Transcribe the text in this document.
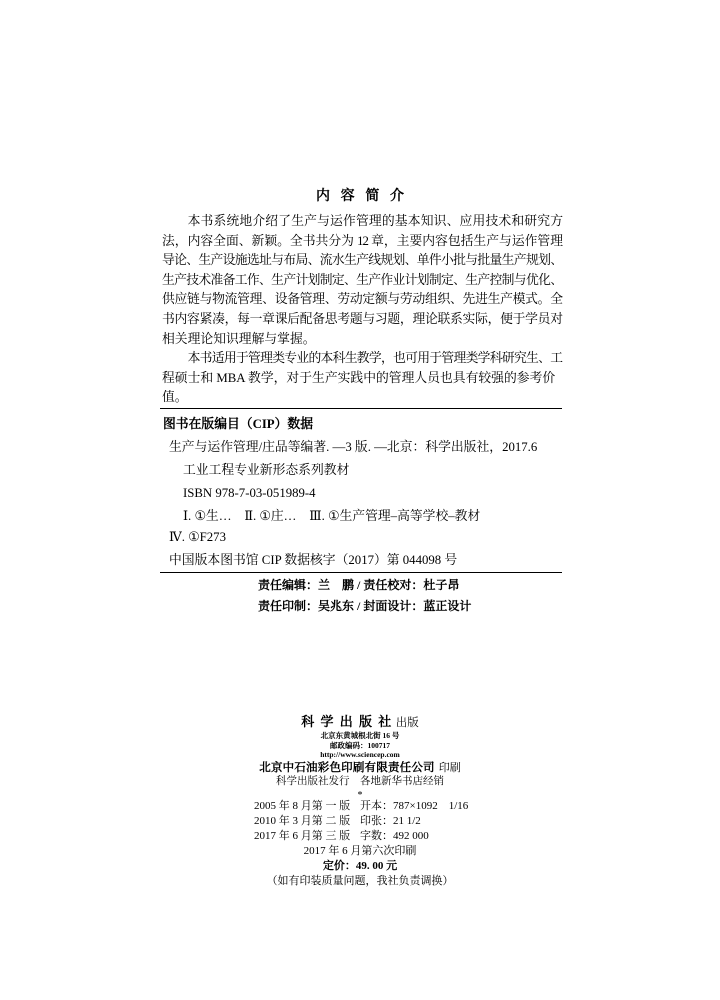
内 容 简 介
本书系统地介绍了生产与运作管理的基本知识、应用技术和研究方
法，内容全面、新颖。全书共分为 12 章，主要内容包括生产与运作管理
导论、生产设施选址与布局、流水生产线规划、单件小批与批量生产规划、
生产技术准备工作、生产计划制定、生产作业计划制定、生产控制与优化、
供应链与物流管理、设备管理、劳动定额与劳动组织、先进生产模式。全
书内容紧凑，每一章课后配备思考题与习题，理论联系实际，便于学员对
相关理论知识理解与掌握。
本书适用于管理类专业的本科生教学，也可用于管理类学科研究生、工
程硕士和 MBA 教学，对于生产实践中的管理人员也具有较强的参考价值。
图书在版编目（CIP）数据
生产与运作管理/庄品等编著. —3 版. —北京：科学出版社，2017.6
工业工程专业新形态系列教材
ISBN 978-7-03-051989-4
Ⅰ. ①生…　Ⅱ. ①庄…　Ⅲ. ①生产管理–高等学校–教材
Ⅳ. ①F273
中国版本图书馆 CIP 数据核字（2017）第 044098 号
责任编辑：兰　鹏 / 责任校对：杜子昂
责任印制：吴兆东 / 封面设计：蓝正设计
科 学 出 版 社 出版
北京东黄城根北街 16 号
邮政编码：100717
http://www.sciencep.com
北京中石油彩色印刷有限责任公司 印刷
科学出版社发行　各地新华书店经销
*
2005 年 8 月第 一 版 开本：787×1092　1/16
2010 年 3 月第 二 版 印张：21 1/2
2017 年 6 月第 三 版 字数：492 000
2017 年 6 月第六次印刷
定价：49. 00 元
（如有印装质量问题，我社负责调换）
